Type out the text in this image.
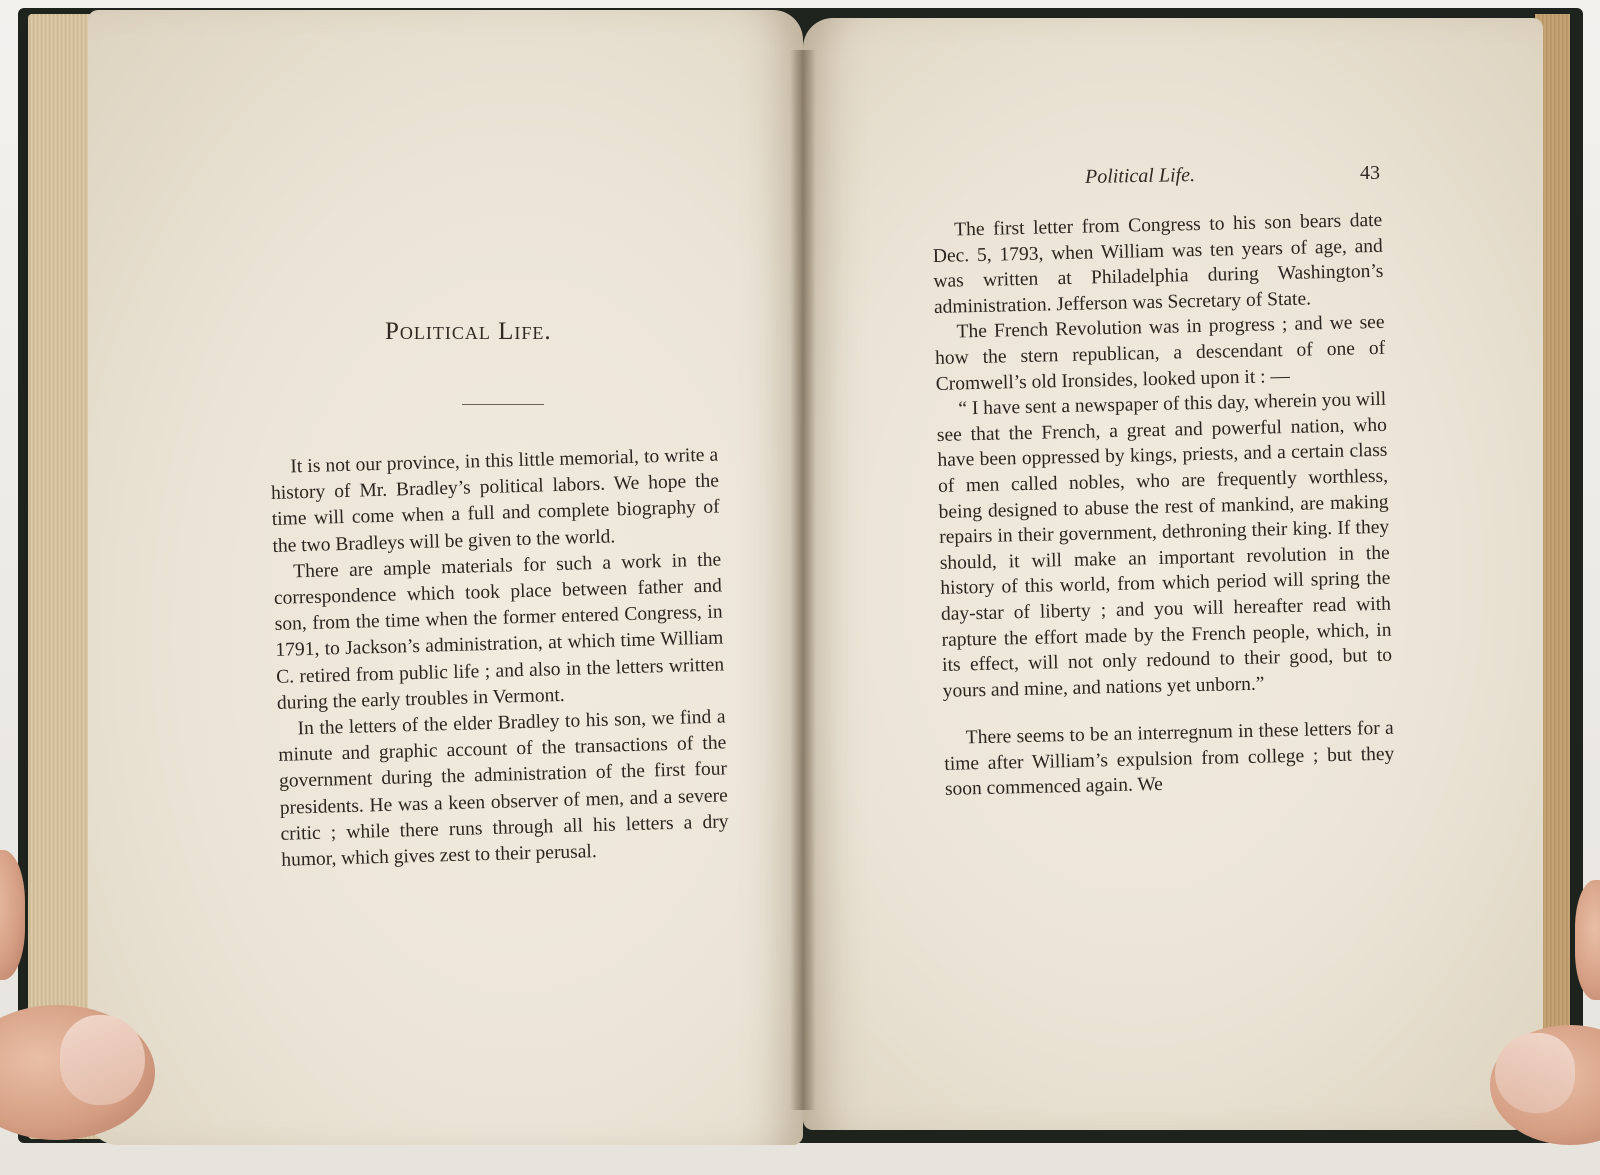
Political Life.

It is not our province, in this little memorial, to write a history of Mr. Bradley’s political labors. We hope the time will come when a full and complete biography of the two Bradleys will be given to the world.

There are ample materials for such a work in the correspondence which took place between father and son, from the time when the former entered Congress, in 1791, to Jackson’s administration, at which time William C. retired from public life ; and also in the letters written during the early troubles in Vermont.

In the letters of the elder Bradley to his son, we find a minute and graphic account of the transactions of the government during the administration of the first four presidents. He was a keen observer of men, and a severe critic ; while there runs through all his letters a dry humor, which gives zest to their perusal.

Political Life.	43

The first letter from Congress to his son bears date Dec. 5, 1793, when William was ten years of age, and was written at Philadelphia during Washington’s administration. Jefferson was Secretary of State.

The French Revolution was in progress ; and we see how the stern republican, a descendant of one of Cromwell’s old Ironsides, looked upon it : —

“ I have sent a newspaper of this day, wherein you will see that the French, a great and powerful nation, who have been oppressed by kings, priests, and a certain class of men called nobles, who are frequently worthless, being designed to abuse the rest of mankind, are making repairs in their government, dethroning their king. If they should, it will make an important revolution in the history of this world, from which period will spring the day-star of liberty ; and you will hereafter read with rapture the effort made by the French people, which, in its effect, will not only redound to their good, but to yours and mine, and nations yet unborn.”

There seems to be an interregnum in these letters for a time after William’s expulsion from college ; but they soon commenced again. We
